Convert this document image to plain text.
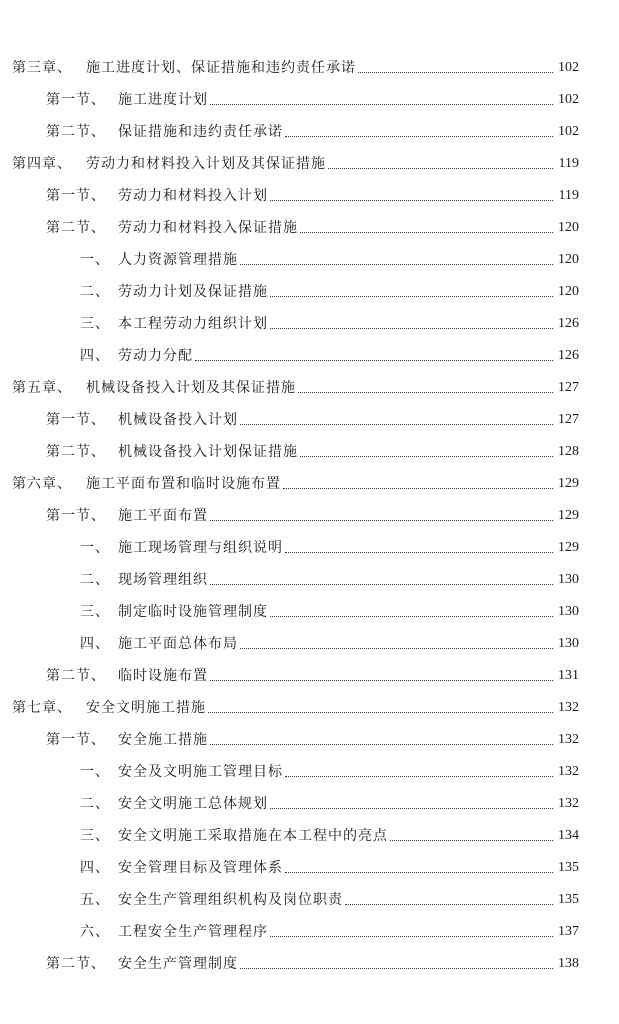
第三章、	施工进度计划、保证措施和违约责任承诺	102
第一节、 施工进度计划	102
第二节、 保证措施和违约责任承诺	102
第四章、	劳动力和材料投入计划及其保证措施	119
第一节、 劳动力和材料投入计划	119
第二节、 劳动力和材料投入保证措施	120
一、 人力资源管理措施	120
二、 劳动力计划及保证措施	120
三、 本工程劳动力组织计划	126
四、 劳动力分配	126
第五章、	机械设备投入计划及其保证措施	127
第一节、 机械设备投入计划	127
第二节、 机械设备投入计划保证措施	128
第六章、	施工平面布置和临时设施布置	129
第一节、 施工平面布置	129
一、 施工现场管理与组织说明	129
二、 现场管理组织	130
三、 制定临时设施管理制度	130
四、 施工平面总体布局	130
第二节、 临时设施布置	131
第七章、	安全文明施工措施	132
第一节、 安全施工措施	132
一、 安全及文明施工管理目标	132
二、 安全文明施工总体规划	132
三、 安全文明施工采取措施在本工程中的亮点	134
四、 安全管理目标及管理体系	135
五、 安全生产管理组织机构及岗位职责	135
六、 工程安全生产管理程序	137
第二节、 安全生产管理制度	138
